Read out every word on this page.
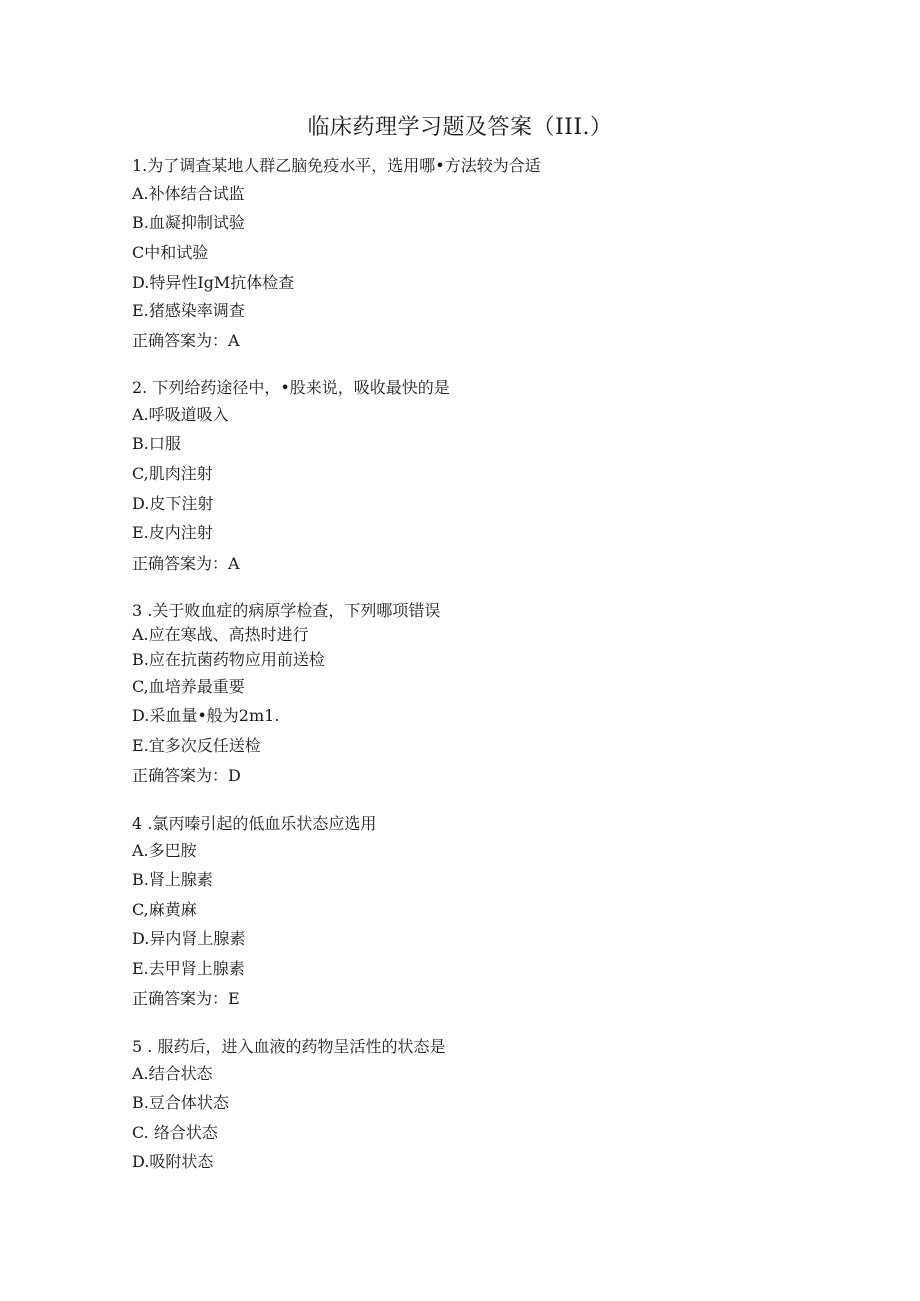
临床药理学习题及答案（III.）
1.为了调查某地人群乙脑免疫水平，选用哪•方法较为合适
A.补体结合试监
B.血凝抑制试验
C中和试验
D.特异性IgM抗体检查
E.猪感染率调查
正确答案为：A
2. 下列给药途径中，•股来说，吸收最快的是
A.呼吸道吸入
B.口服
C,肌肉注射
D.皮下注射
E.皮内注射
正确答案为：A
3 .关于败血症的病原学检查，下列哪项错误
A.应在寒战、高热时进行
B.应在抗菌药物应用前送检
C,血培养最重要
D.采血量•般为2m1.
E.宜多次反任送检
正确答案为：D
4 .氯丙嗪引起的低血乐状态应选用
A.多巴胺
B.肾上腺素
C,麻黄麻
D.异内肾上腺素
E.去甲肾上腺素
正确答案为：E
5 . 服药后，进入血液的药物呈活性的状态是
A.结合状态
B.豆合体状态
C. 络合状态
D.吸附状态
